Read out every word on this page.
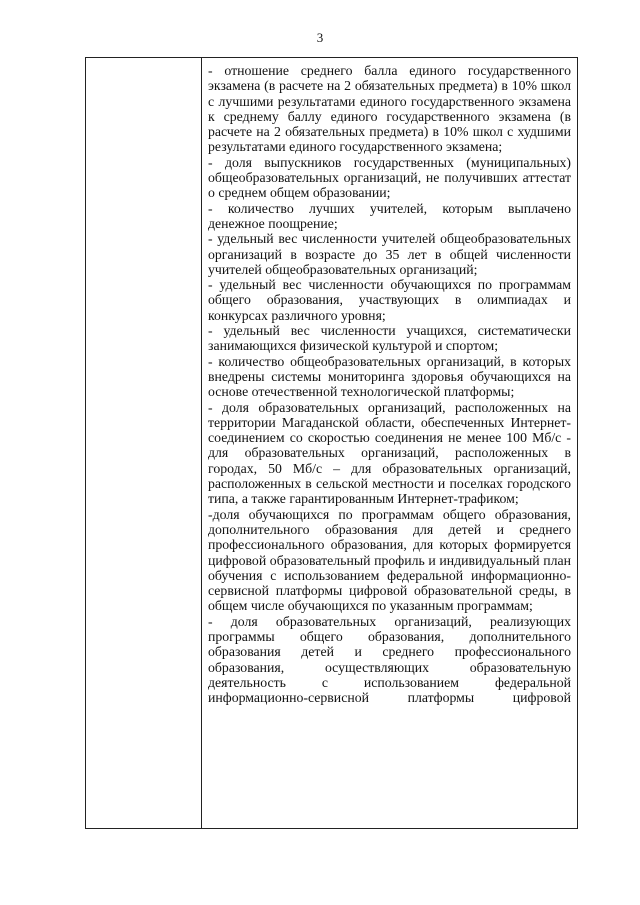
3
- отношение среднего балла единого государственного экзамена (в расчете на 2 обязательных предмета) в 10% школ с лучшими результатами единого государственного экзамена к среднему баллу единого государственного экзамена (в расчете на 2 обязательных предмета) в 10% школ с худшими результатами единого государственного экзамена;
- доля выпускников государственных (муниципальных) общеобразовательных организаций, не получивших аттестат о среднем общем образовании;
- количество лучших учителей, которым выплачено денежное поощрение;
- удельный вес численности учителей общеобразовательных организаций в возрасте до 35 лет в общей численности учителей общеобразовательных организаций;
- удельный вес численности обучающихся по программам общего образования, участвующих в олимпиадах и конкурсах различного уровня;
- удельный вес численности учащихся, систематически занимающихся физической культурой и спортом;
- количество общеобразовательных организаций, в которых внедрены системы мониторинга здоровья обучающихся на основе отечественной технологической платформы;
- доля образовательных организаций, расположенных на территории Магаданской области, обеспеченных Интернет-соединением со скоростью соединения не менее 100 Мб/с - для образовательных организаций, расположенных в городах, 50 Мб/с – для образовательных организаций, расположенных в сельской местности и поселках городского типа, а также гарантированным Интернет-трафиком;
-доля обучающихся по программам общего образования, дополнительного образования для детей и среднего профессионального образования, для которых формируется цифровой образовательный профиль и индивидуальный план обучения с использованием федеральной информационно-сервисной платформы цифровой образовательной среды, в общем числе обучающихся по указанным программам;
- доля образовательных организаций, реализующих программы общего образования, дополнительного образования детей и среднего профессионального образования, осуществляющих образовательную деятельность с использованием федеральной информационно-сервисной платформы цифровой
